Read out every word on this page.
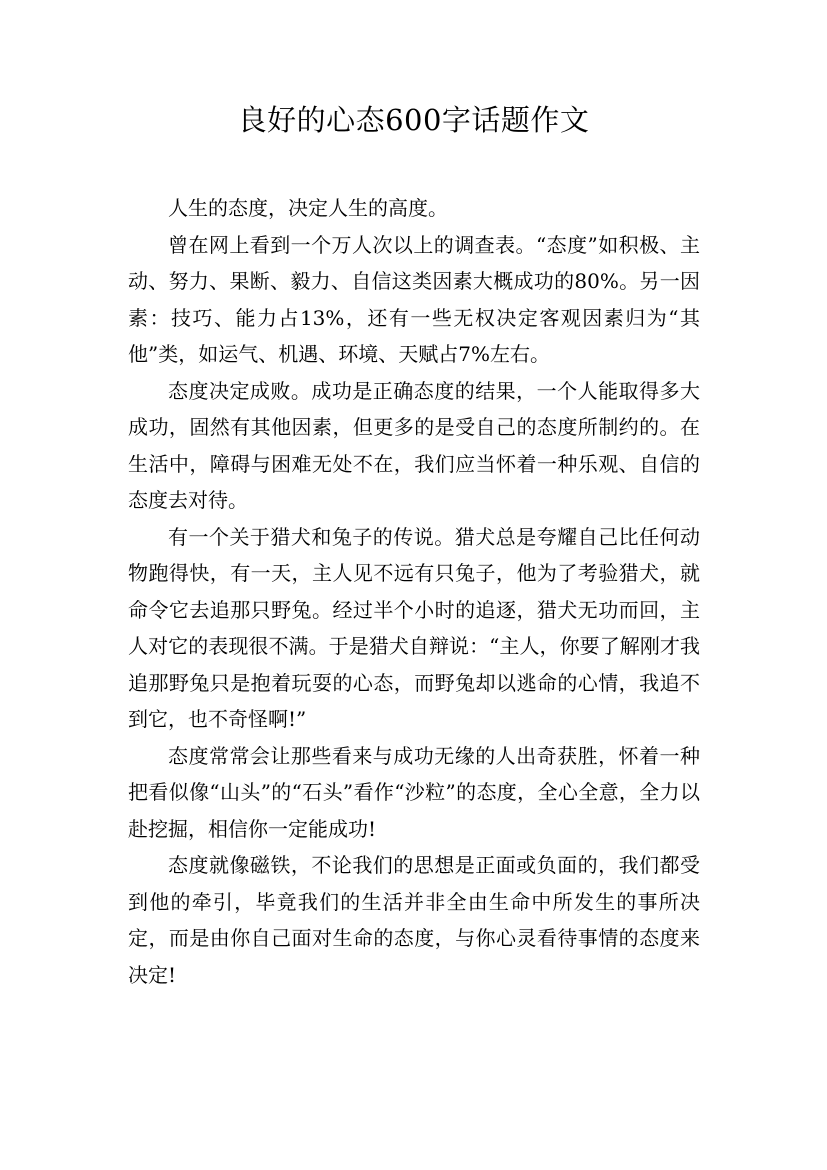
良好的心态600字话题作文

人生的态度，决定人生的高度。

曾在网上看到一个万人次以上的调查表。“态度”如积极、主动、努力、果断、毅力、自信这类因素大概成功的80%。另一因素：技巧、能力占13%，还有一些无权决定客观因素归为“其他”类，如运气、机遇、环境、天赋占7%左右。

态度决定成败。成功是正确态度的结果，一个人能取得多大成功，固然有其他因素，但更多的是受自己的态度所制约的。在生活中，障碍与困难无处不在，我们应当怀着一种乐观、自信的态度去对待。

有一个关于猎犬和兔子的传说。猎犬总是夸耀自己比任何动物跑得快，有一天，主人见不远有只兔子，他为了考验猎犬，就命令它去追那只野兔。经过半个小时的追逐，猎犬无功而回，主人对它的表现很不满。于是猎犬自辩说：“主人，你要了解刚才我追那野兔只是抱着玩耍的心态，而野兔却以逃命的心情，我追不到它，也不奇怪啊!”

态度常常会让那些看来与成功无缘的人出奇获胜，怀着一种把看似像“山头”的“石头”看作“沙粒”的态度，全心全意，全力以赴挖掘，相信你一定能成功!

态度就像磁铁，不论我们的思想是正面或负面的，我们都受到他的牵引，毕竟我们的生活并非全由生命中所发生的事所决定，而是由你自己面对生命的态度，与你心灵看待事情的态度来决定!
